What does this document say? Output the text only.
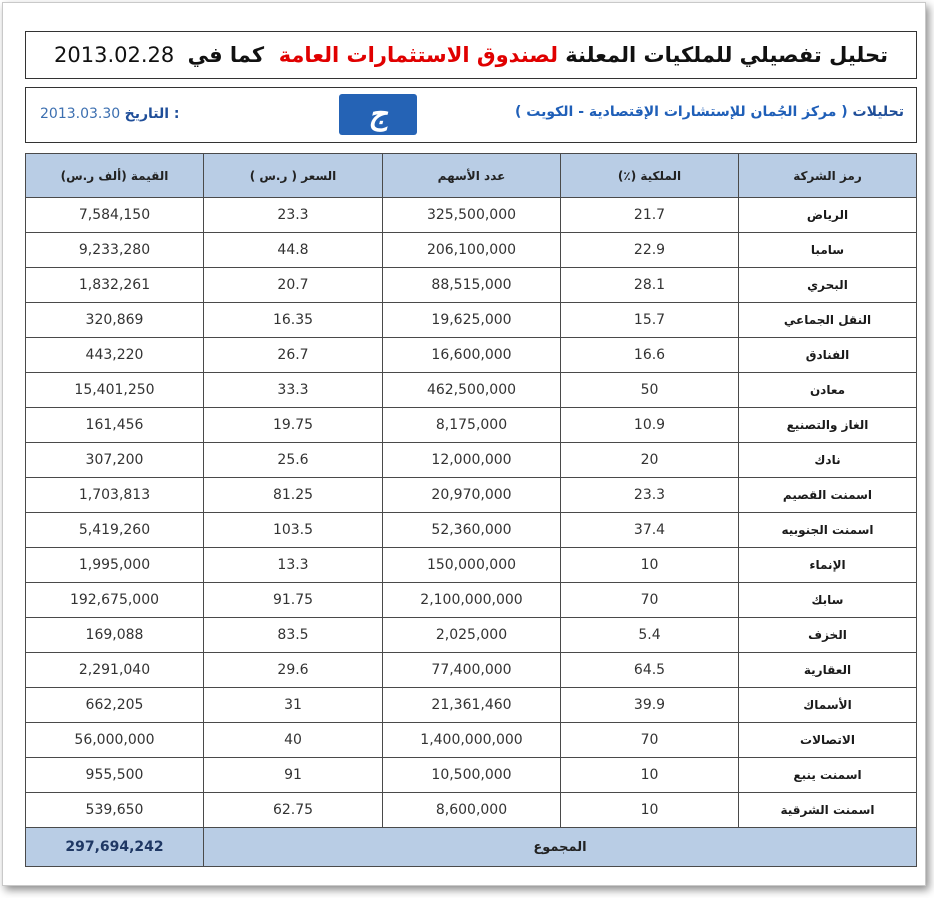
تحليل تفصيلي للملكيات المعلنة

لصندوق الاستثمارات العامة

كما في

2013.02.28
تحليلات ( مركز الجُمان للإستشارات الإقتصادية - الكويت )
ج
2013.03.30 التاريخ :
رمز الشركة	الملكية (٪)	عدد الأسهم	السعر ( ر.س )	القيمة (ألف ر.س)
الرياض	21.7	325,500,000	23.3	7,584,150
سامبا	22.9	206,100,000	44.8	9,233,280
البحري	28.1	88,515,000	20.7	1,832,261
النقل الجماعي	15.7	19,625,000	16.35	320,869
الفنادق	16.6	16,600,000	26.7	443,220
معادن	50	462,500,000	33.3	15,401,250
الغاز والتصنيع	10.9	8,175,000	19.75	161,456
نادك	20	12,000,000	25.6	307,200
اسمنت القصيم	23.3	20,970,000	81.25	1,703,813
اسمنت الجنوبيه	37.4	52,360,000	103.5	5,419,260
الإنماء	10	150,000,000	13.3	1,995,000
سابك	70	2,100,000,000	91.75	192,675,000
الخزف	5.4	2,025,000	83.5	169,088
العقارية	64.5	77,400,000	29.6	2,291,040
الأسماك	39.9	21,361,460	31	662,205
الاتصالات	70	1,400,000,000	40	56,000,000
اسمنت ينبع	10	10,500,000	91	955,500
اسمنت الشرقية	10	8,600,000	62.75	539,650
المجموع				297,694,242
